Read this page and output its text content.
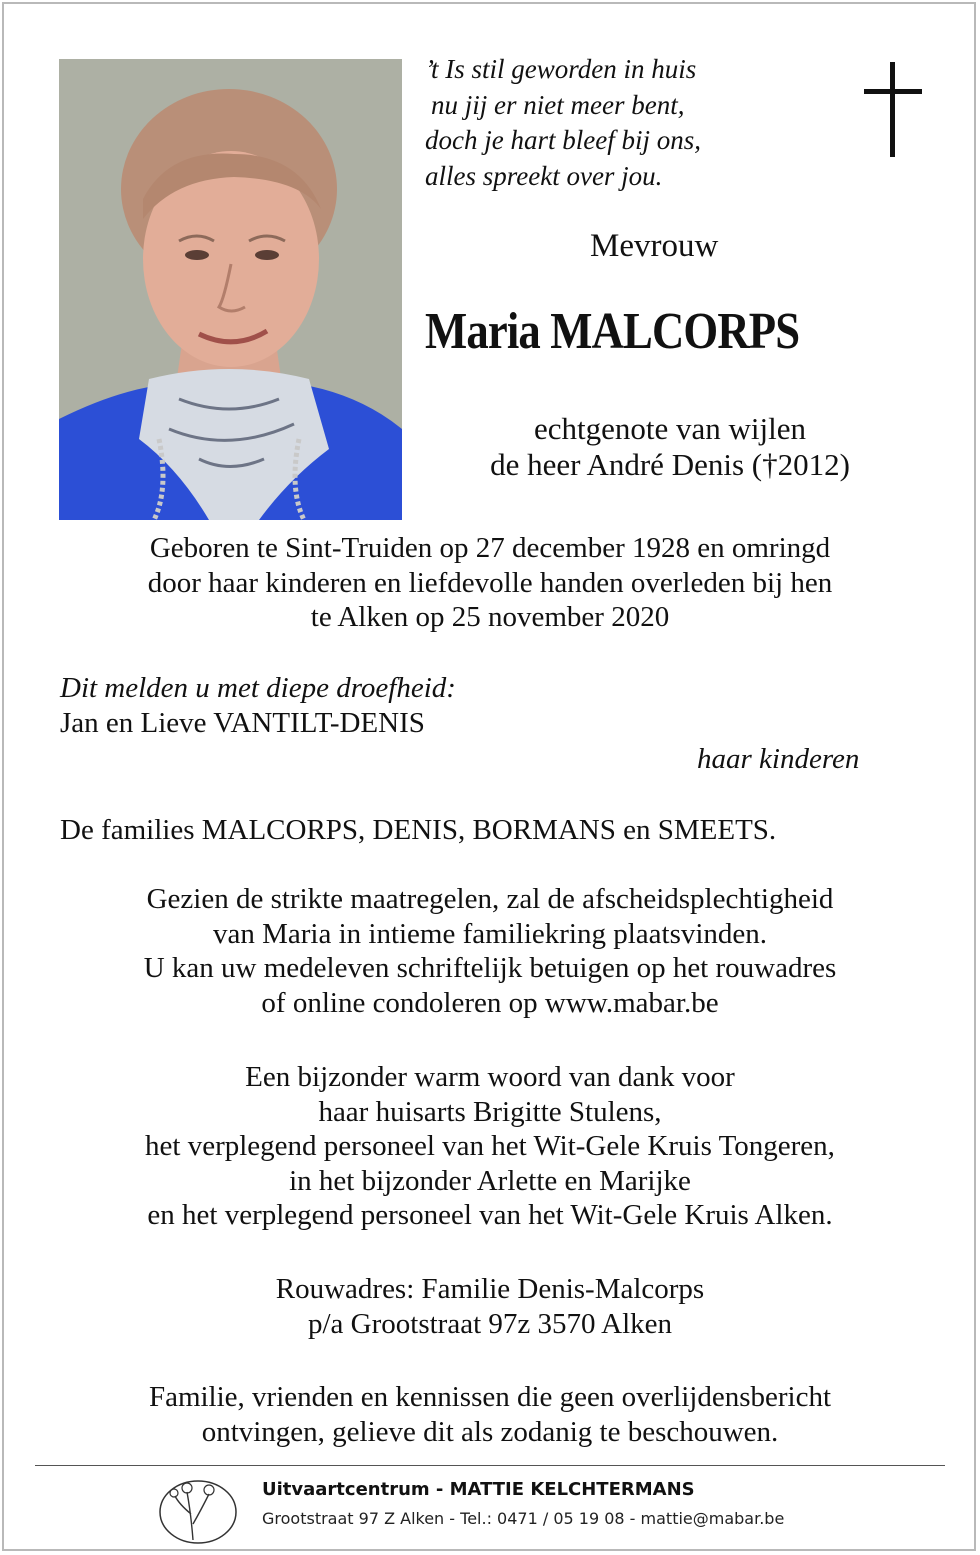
’t Is stil geworden in huis
nu jij er niet meer bent,
doch je hart bleef bij ons,
alles spreekt over jou.
Mevrouw
Maria MALCORPS
echtgenote van wijlen
de heer André Denis (†2012)
Geboren te Sint-Truiden op 27 december 1928 en omringd
door haar kinderen en liefdevolle handen overleden bij hen
te Alken op 25 november 2020
Dit melden u met diepe droefheid:
Jan en Lieve VANTILT-DENIS
haar kinderen
De families MALCORPS, DENIS, BORMANS en SMEETS.
Gezien de strikte maatregelen, zal de afscheidsplechtigheid
van Maria in intieme familiekring plaatsvinden.
U kan uw medeleven schriftelijk betuigen op het rouwadres
of online condoleren op www.mabar.be
Een bijzonder warm woord van dank voor
haar huisarts Brigitte Stulens,
het verplegend personeel van het Wit-Gele Kruis Tongeren,
in het bijzonder Arlette en Marijke
en het verplegend personeel van het Wit-Gele Kruis Alken.
Rouwadres: Familie Denis-Malcorps
p/a Grootstraat 97z 3570 Alken
Familie, vrienden en kennissen die geen overlijdensbericht
ontvingen, gelieve dit als zodanig te beschouwen.
Uitvaartcentrum - MATTIE KELCHTERMANS
Grootstraat 97 Z Alken - Tel.: 0471 / 05 19 08 - mattie@mabar.be
